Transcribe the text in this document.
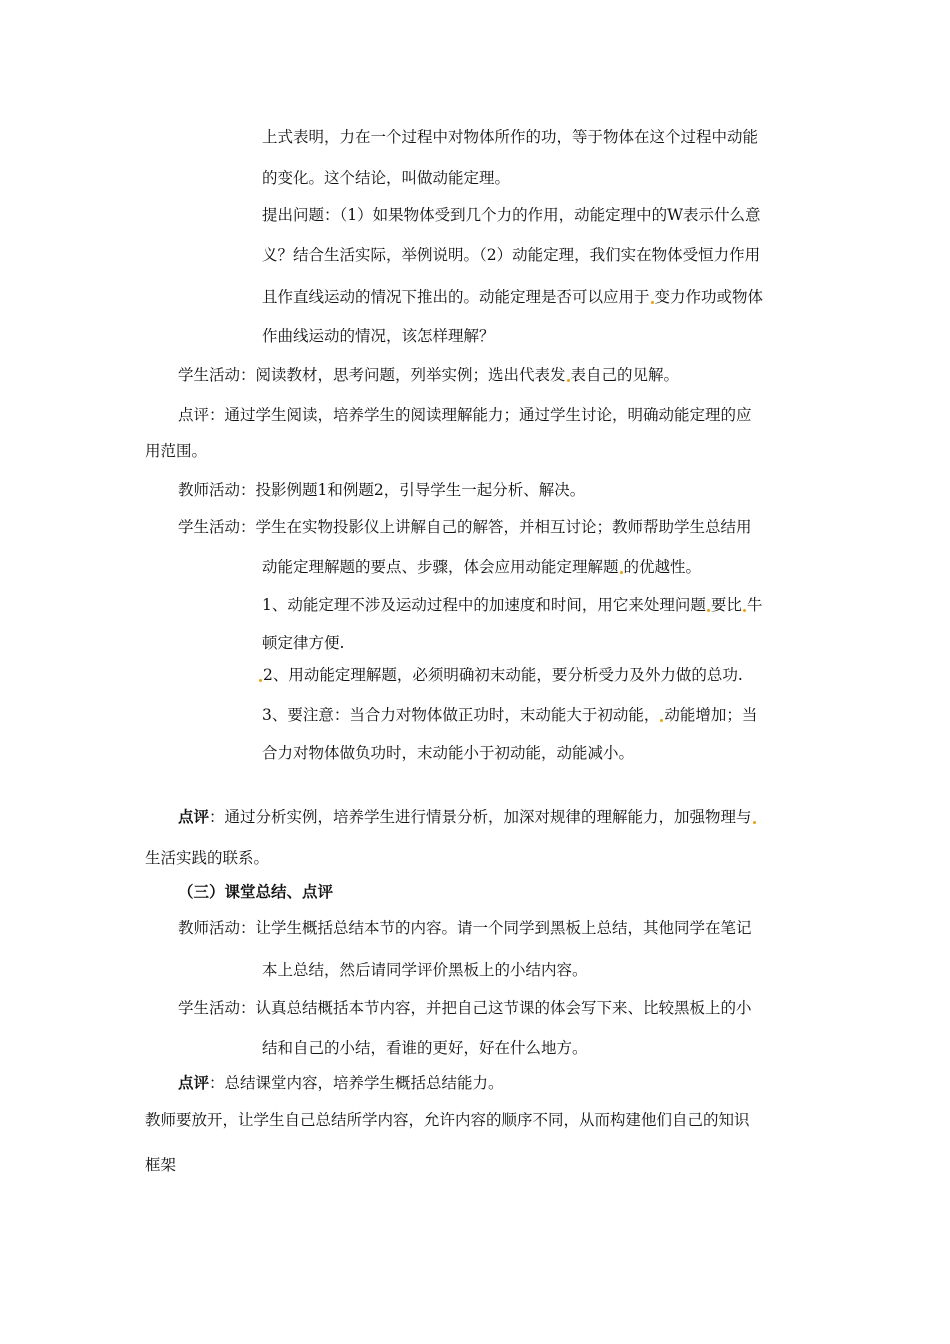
上式表明，力在一个过程中对物体所作的功，等于物体在这个过程中动能
的变化。这个结论，叫做动能定理。
提出问题：（1）如果物体受到几个力的作用，动能定理中的W表示什么意
义？结合生活实际，举例说明。（2）动能定理，我们实在物体受恒力作用
且作直线运动的情况下推出的。动能定理是否可以应用于 变力作功或物体
作曲线运动的情况，该怎样理解？
学生活动：阅读教材，思考问题，列举实例；选出代表发 表自己的见解。
点评：通过学生阅读，培养学生的阅读理解能力；通过学生讨论，明确动能定理的应
用范围。
教师活动：投影例题1和例题2，引导学生一起分析、解决。
学生活动：学生在实物投影仪上讲解自己的解答，并相互讨论；教师帮助学生总结用
动能定理解题的要点、步骤，体会应用动能定理解题 的优越性。
1、动能定理不涉及运动过程中的加速度和时间，用它来处理问题 要比 牛
顿定律方便.
2、用动能定理解题，必须明确初末动能，要分析受力及外力做的总功.
3、要注意：当合力对物体做正功时，末动能大于初动能， 动能增加；当
合力对物体做负功时，末动能小于初动能，动能减小。
点评：通过分析实例，培养学生进行情景分析，加深对规律的理解能力，加强物理与
生活实践的联系。
（三）课堂总结、点评
教师活动：让学生概括总结本节的内容。请一个同学到黑板上总结，其他同学在笔记
本上总结，然后请同学评价黑板上的小结内容。
学生活动：认真总结概括本节内容，并把自己这节课的体会写下来、比较黑板上的小
结和自己的小结，看谁的更好，好在什么地方。
点评：总结课堂内容，培养学生概括总结能力。
教师要放开，让学生自己总结所学内容，允许内容的顺序不同，从而构建他们自己的知识
框架
